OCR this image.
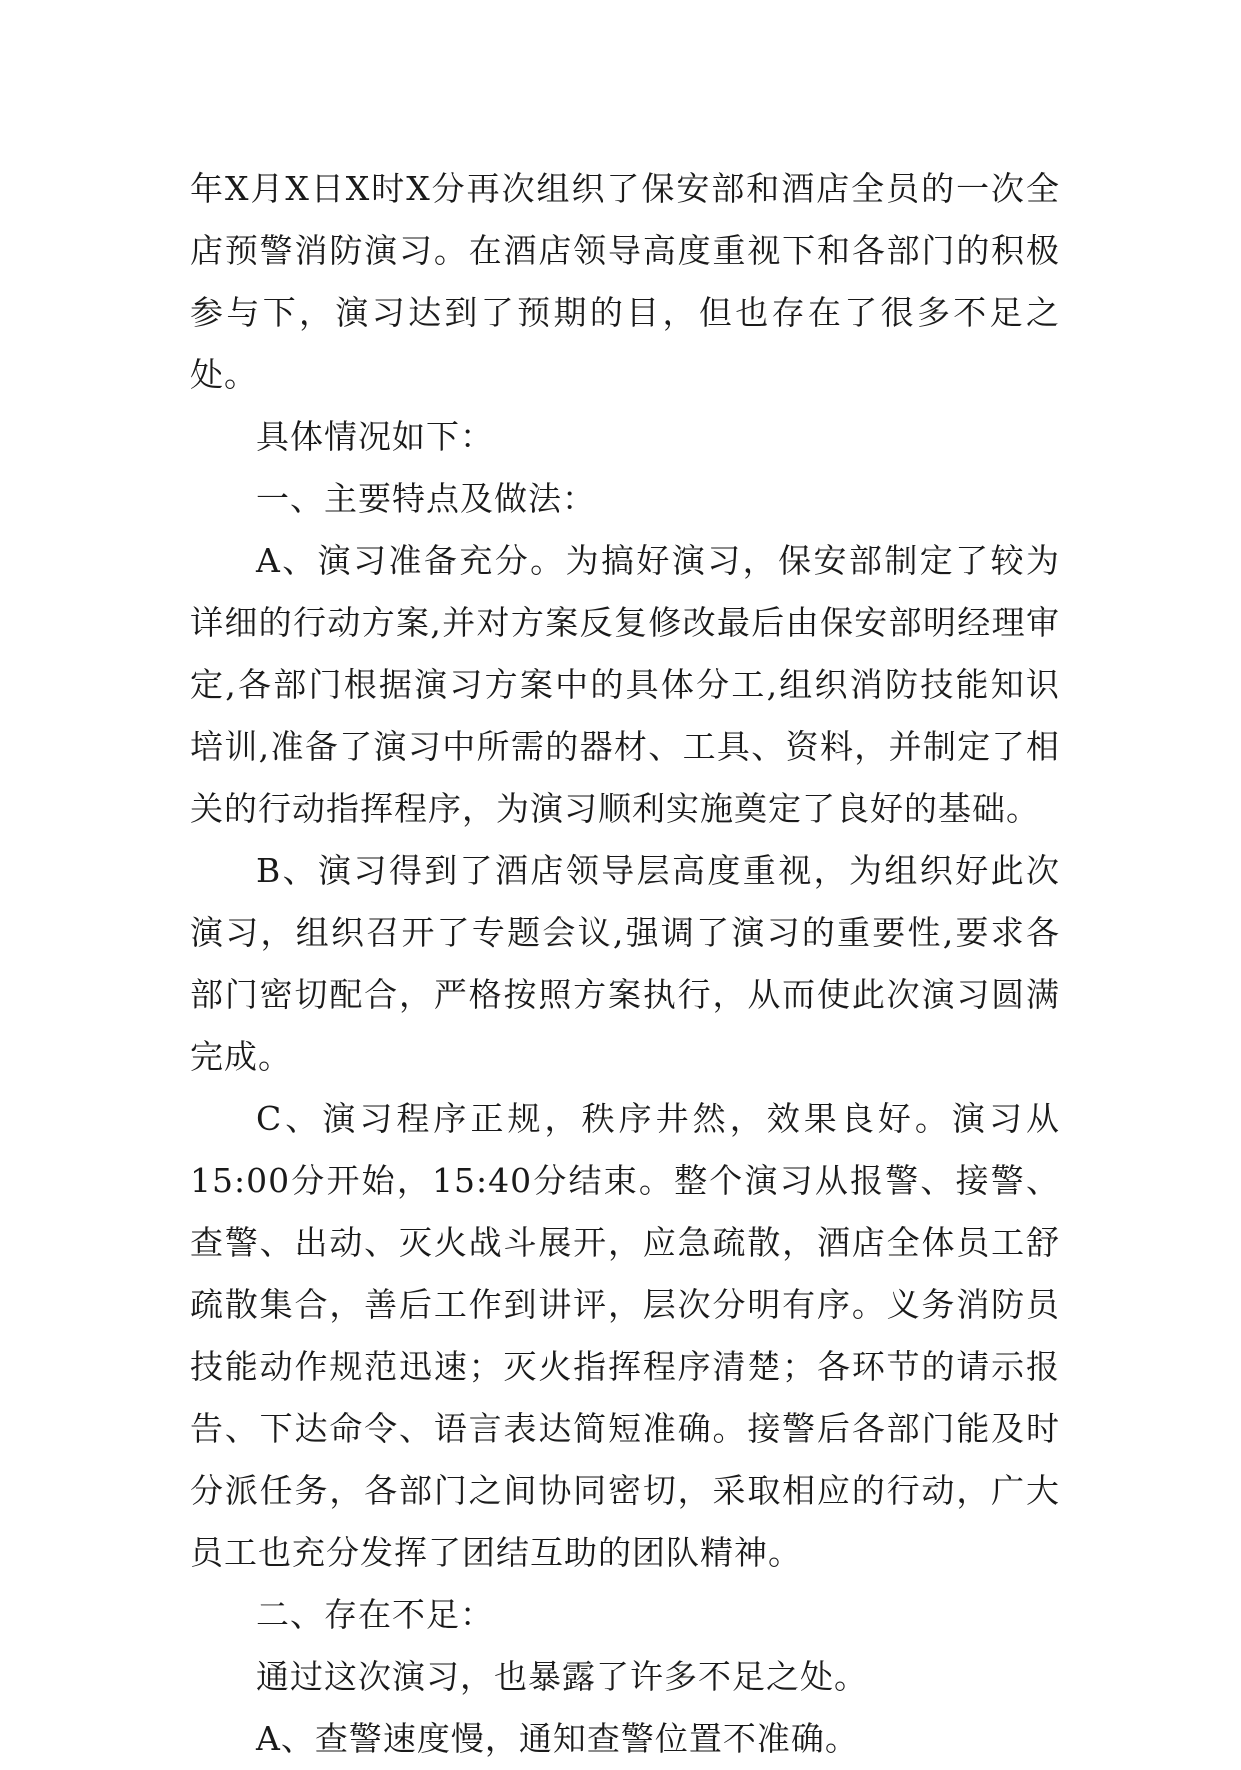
年X月X日X时X分再次组织了保安部和酒店全员的一次全店预警消防演习。在酒店领导高度重视下和各部门的积极参与下，演习达到了预期的目，但也存在了很多不足之处。

具体情况如下：

一、主要特点及做法：

A、演习准备充分。为搞好演习，保安部制定了较为详细的行动方案,并对方案反复修改最后由保安部明经理审定,各部门根据演习方案中的具体分工,组织消防技能知识培训,准备了演习中所需的器材、工具、资料，并制定了相关的行动指挥程序，为演习顺利实施奠定了良好的基础。

B、演习得到了酒店领导层高度重视，为组织好此次演习，组织召开了专题会议,强调了演习的重要性,要求各部门密切配合，严格按照方案执行，从而使此次演习圆满完成。

C、演习程序正规，秩序井然，效果良好。演习从15:00分开始，15:40分结束。整个演习从报警、接警、查警、出动、灭火战斗展开，应急疏散，酒店全体员工舒疏散集合，善后工作到讲评，层次分明有序。义务消防员技能动作规范迅速；灭火指挥程序清楚；各环节的请示报告、下达命令、语言表达简短准确。接警后各部门能及时分派任务，各部门之间协同密切，采取相应的行动，广大员工也充分发挥了团结互助的团队精神。

二、存在不足：

通过这次演习，也暴露了许多不足之处。

A、查警速度慢，通知查警位置不准确。
